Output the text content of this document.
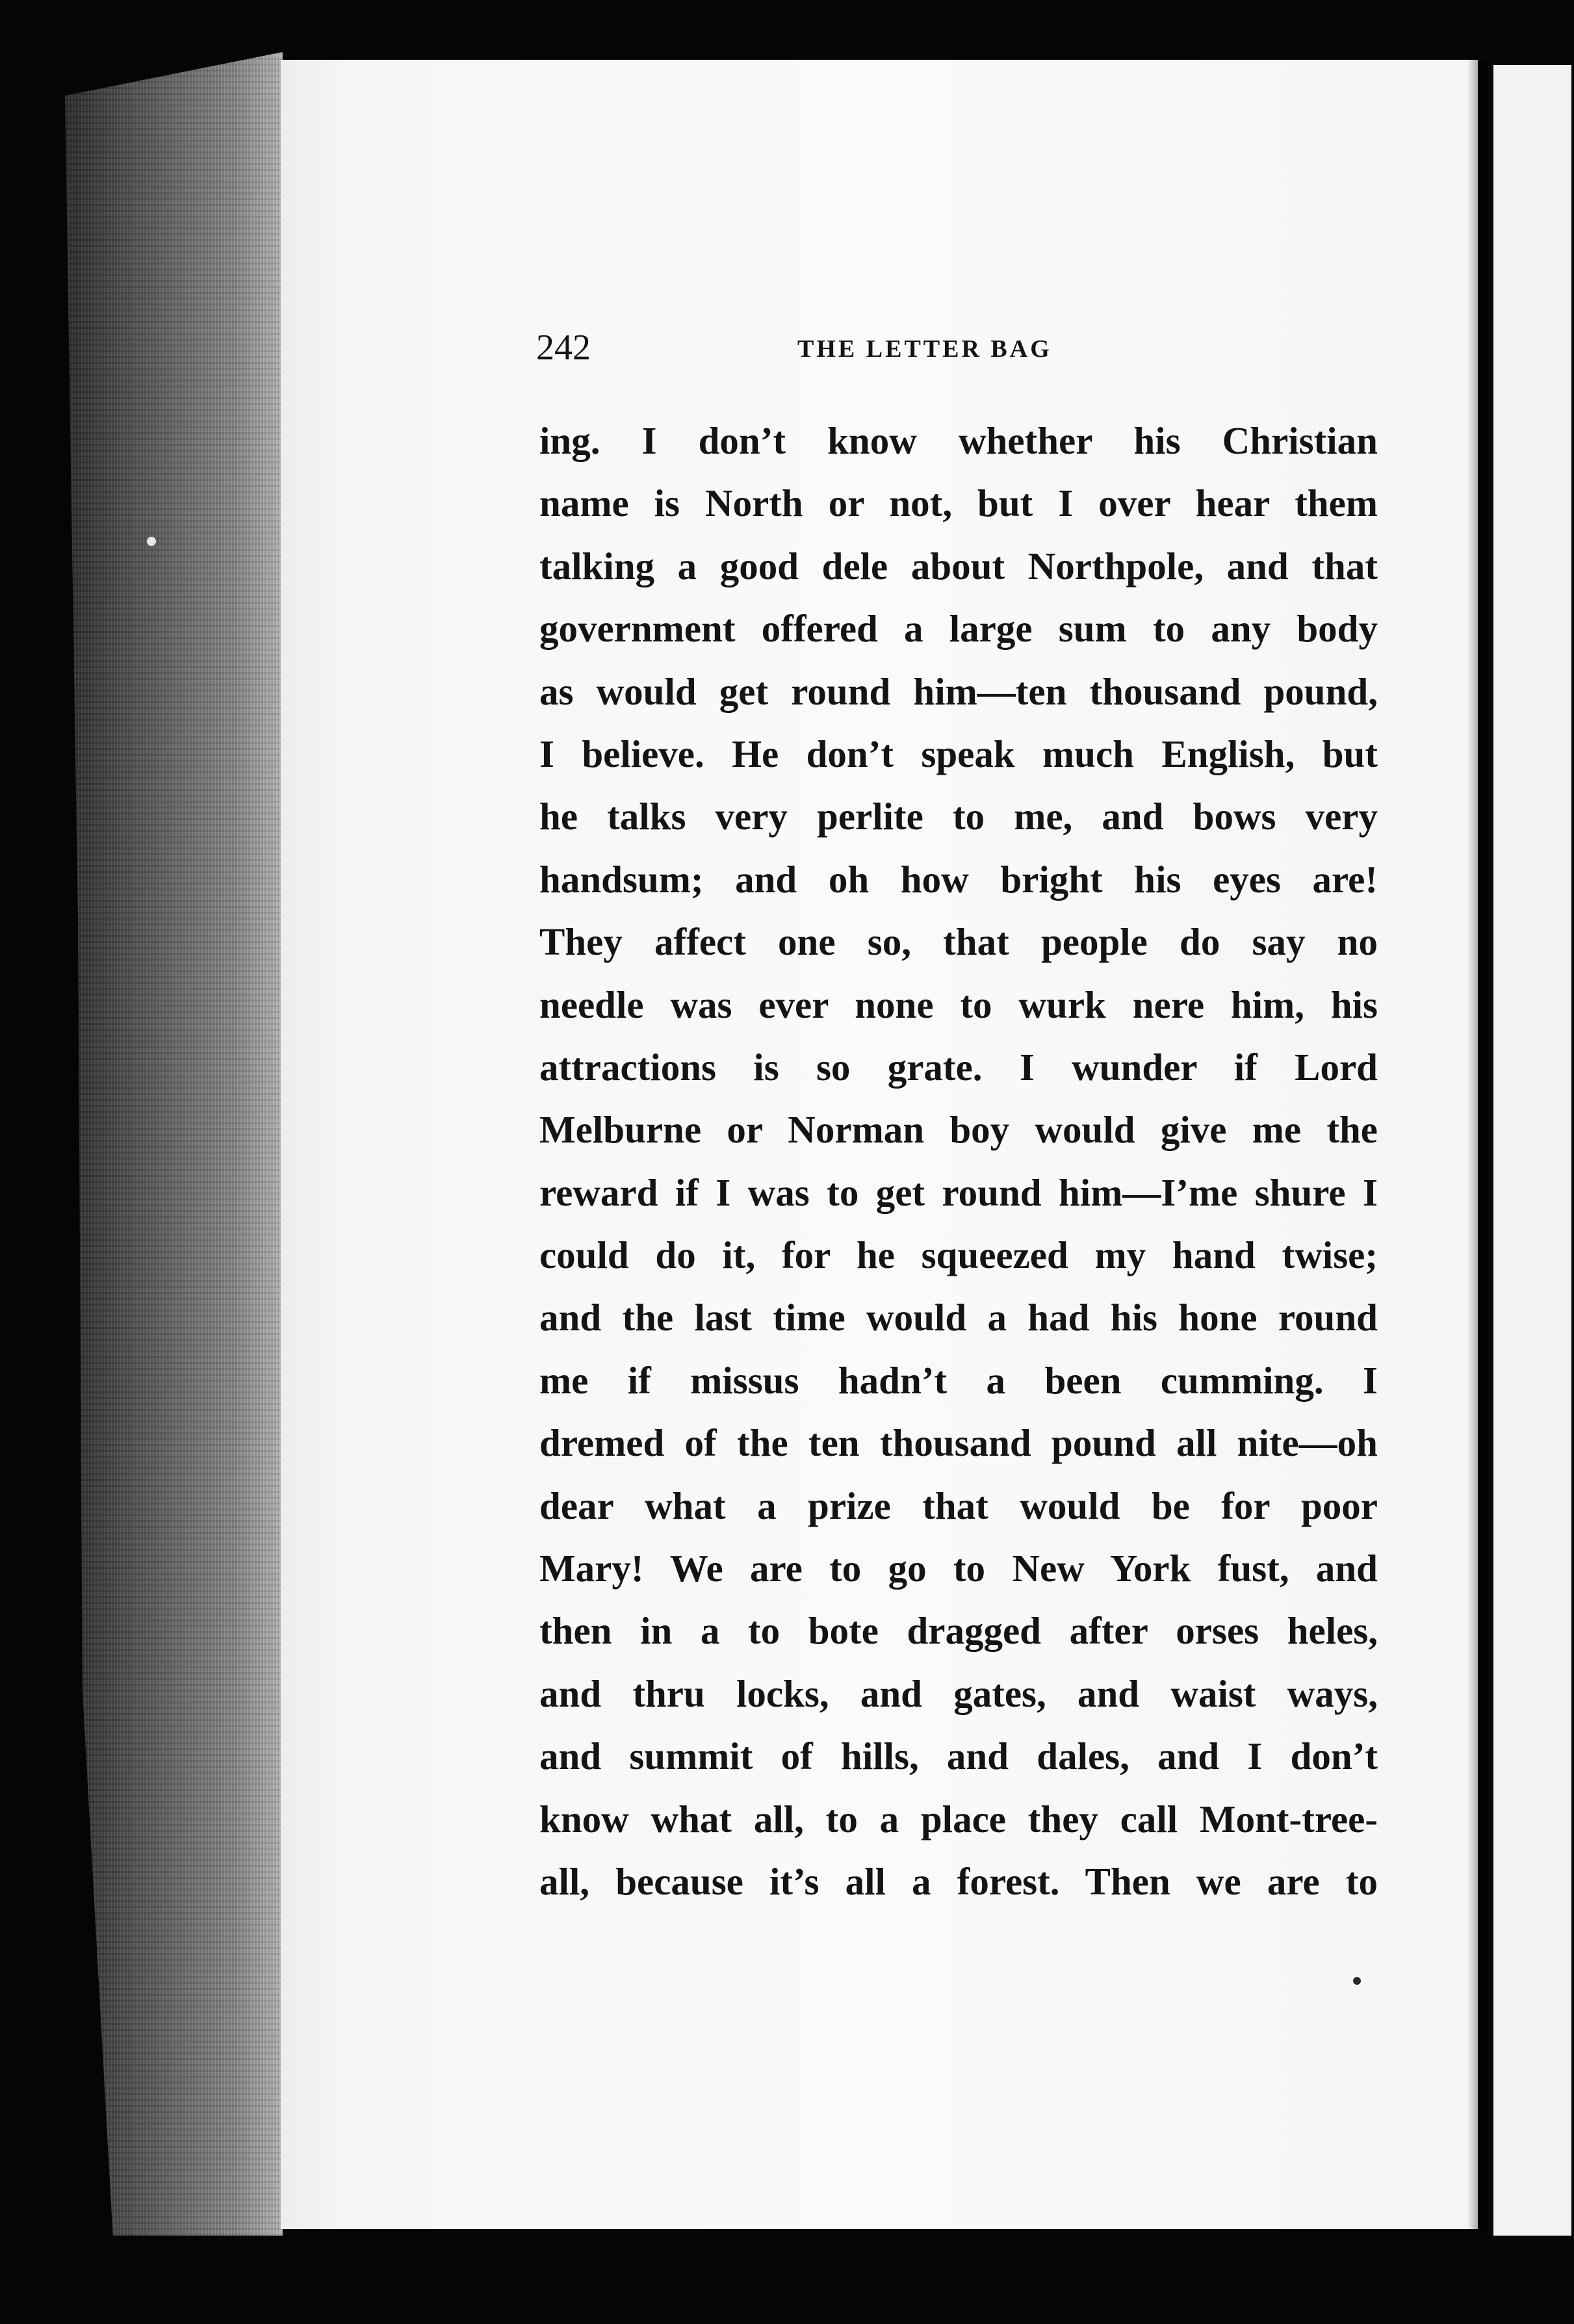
242	THE LETTER BAG
ing. I don’t know whether his Christian
name is North or not, but I over hear them
talking a good dele about Northpole, and that
government offered a large sum to any body
as would get round him—ten thousand pound,
I believe. He don’t speak much English, but
he talks very perlite to me, and bows very
handsum; and oh how bright his eyes are!
They affect one so, that people do say no
needle was ever none to wurk nere him, his
attractions is so grate. I wunder if Lord
Melburne or Norman boy would give me the
reward if I was to get round him—I’me shure I
could do it, for he squeezed my hand twise;
and the last time would a had his hone round
me if missus hadn’t a been cumming. I
dremed of the ten thousand pound all nite—oh
dear what a prize that would be for poor
Mary! We are to go to New York fust, and
then in a to bote dragged after orses heles,
and thru locks, and gates, and waist ways,
and summit of hills, and dales, and I don’t
know what all, to a place they call Mont-tree-
all, because it’s all a forest. Then we are to
